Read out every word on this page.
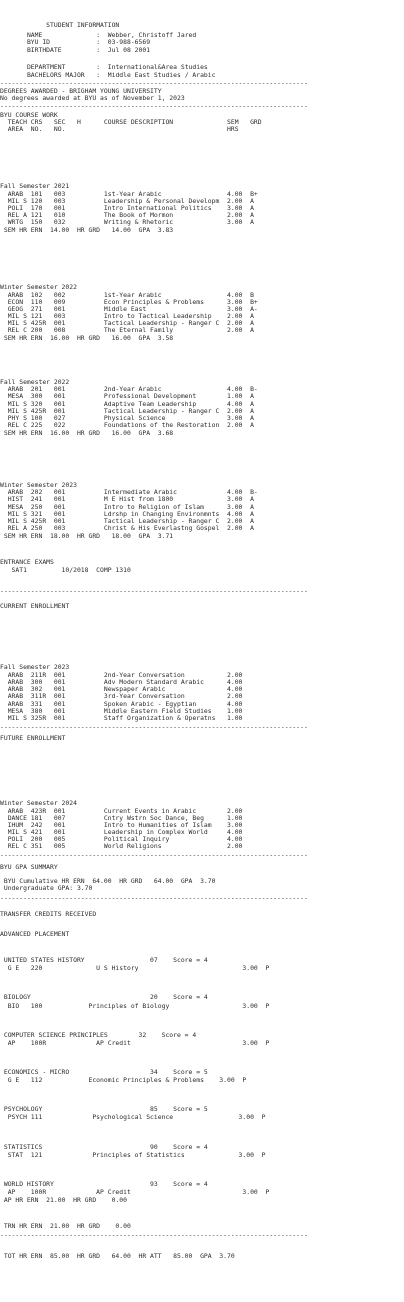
STUDENT INFORMATION
NAME              :  Webber, Christoff Jared
BYU ID            :  03-988-6569
BIRTHDATE         :  Jul 08 2001
DEPARTMENT        :  International&Area Studies
BACHELORS MAJOR   :  Middle East Studies / Arabic
--------------------------------------------------------------------------------
DEGREES AWARDED - BRIGHAM YOUNG UNIVERSITY
No degrees awarded at BYU as of November 1, 2023
--------------------------------------------------------------------------------
BYU COURSE WORK
TEACH CRS   SEC   H      COURSE DESCRIPTION              SEM   GRD
AREA  NO.   NO.                                          HRS
Fall Semester 2021
ARAB  101   003          1st-Year Arabic                 4.00  B+
MIL S 120   003          Leadership & Personal Developm  2.00  A
POLI  170   001          Intro International Politics    3.00  A
REL A 121   010          The Book of Mormon              2.00  A
WRTG  150   032          Writing & Rhetoric              3.00  A
SEM HR ERN  14.00  HR GRD   14.00  GPA  3.83
Winter Semester 2022
ARAB  102   002          1st-Year Arabic                 4.00  B
ECON  110   009          Econ Principles & Problems      3.00  B+
GEOG  271   001          Middle East                     3.00  A-
MIL S 121   003          Intro to Tactical Leadership    2.00  A
MIL S 425R  001          Tactical Leadership - Ranger C  2.00  A
REL C 200   008          The Eternal Family              2.00  A
SEM HR ERN  16.00  HR GRD   16.00  GPA  3.58
Fall Semester 2022
ARAB  201   001          2nd-Year Arabic                 4.00  B-
MESA  300   001          Professional Development        1.00  A
MIL S 320   001          Adaptive Team Leadership        4.00  A
MIL S 425R  001          Tactical Leadership - Ranger C  2.00  A
PHY S 100   027          Physical Science                3.00  A
REL C 225   022          Foundations of the Restoration  2.00  A
SEM HR ERN  16.00  HR GRD   16.00  GPA  3.68
Winter Semester 2023
ARAB  202   001          Intermediate Arabic             4.00  B-
HIST  241   001          M E Hist from 1800              3.00  A
MESA  250   001          Intro to Religion of Islam      3.00  A
MIL S 321   001          Ldrshp in Changing Environmnts  4.00  A
MIL S 425R  001          Tactical Leadership - Ranger C  2.00  A
REL A 250   003          Christ & His Everlastng Gospel  2.00  A
SEM HR ERN  18.00  HR GRD   18.00  GPA  3.71
ENTRANCE EXAMS
SAT1         10/2018  COMP 1310
--------------------------------------------------------------------------------
CURRENT ENROLLMENT
Fall Semester 2023
ARAB  211R  001          2nd-Year Conversation           2.00
ARAB  300   001          Adv Modern Standard Arabic      4.00
ARAB  302   001          Newspaper Arabic                4.00
ARAB  311R  001          3rd-Year Conversation           2.00
ARAB  331   001          Spoken Arabic - Egyptian        4.00
MESA  380   001          Middle Eastern Field Studies    1.00
MIL S 325R  001          Staff Organization & Operatns   1.00
--------------------------------------------------------------------------------
FUTURE ENROLLMENT
Winter Semester 2024
ARAB  423R  001          Current Events in Arabic        2.00
DANCE 181   007          Cntry Wstrn Soc Dance, Beg      1.00
IHUM  242   001          Intro to Humanities of Islam    3.00
MIL S 421   001          Leadership in Complex World     4.00
POLI  200   005          Political Inquiry               4.00
REL C 351   005          World Religions                 2.00
--------------------------------------------------------------------------------
BYU GPA SUMMARY
BYU Cumulative HR ERN  64.00  HR GRD   64.00  GPA  3.70
Undergraduate GPA: 3.70
--------------------------------------------------------------------------------
TRANSFER CREDITS RECEIVED
ADVANCED PLACEMENT
UNITED STATES HISTORY                 07    Score = 4
G E   220              U S History                           3.00  P
BIOLOGY                               20    Score = 4
BIO   100            Principles of Biology                   3.00  P
COMPUTER SCIENCE PRINCIPLES        32    Score = 4
AP    100R             AP Credit                             3.00  P
ECONOMICS - MICRO                     34    Score = 5
G E   112            Economic Principles & Problems    3.00  P
PSYCHOLOGY                            85    Score = 5
PSYCH 111             Psychological Science                 3.00  P
STATISTICS                            90    Score = 4
STAT  121             Principles of Statistics              3.00  P
WORLD HISTORY                         93    Score = 4
AP    100R             AP Credit                             3.00  P
AP HR ERN  21.00  HR GRD    0.00
TRN HR ERN  21.00  HR GRD    0.00
--------------------------------------------------------------------------------
TOT HR ERN  85.00  HR GRD   64.00  HR ATT   85.00  GPA  3.70
